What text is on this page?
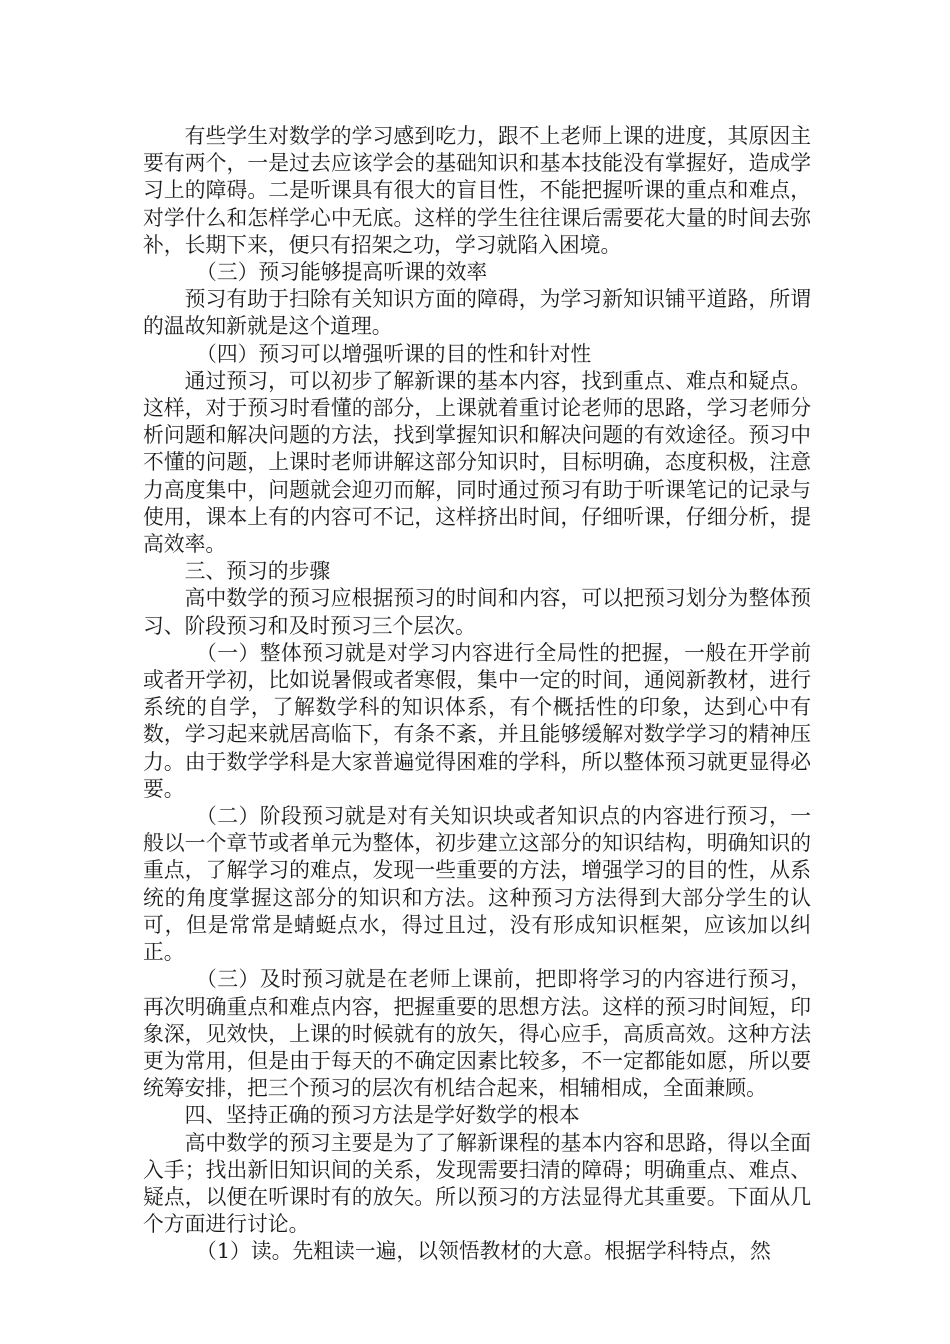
有些学生对数学的学习感到吃力，跟不上老师上课的进度，其原因主要有两个，一是过去应该学会的基础知识和基本技能没有掌握好，造成学习上的障碍。二是听课具有很大的盲目性，不能把握听课的重点和难点，对学什么和怎样学心中无底。这样的学生往往课后需要花大量的时间去弥补，长期下来，便只有招架之功，学习就陷入困境。

（三）预习能够提高听课的效率

预习有助于扫除有关知识方面的障碍，为学习新知识铺平道路，所谓的温故知新就是这个道理。

（四）预习可以增强听课的目的性和针对性

通过预习，可以初步了解新课的基本内容，找到重点、难点和疑点。这样，对于预习时看懂的部分，上课就着重讨论老师的思路，学习老师分析问题和解决问题的方法，找到掌握知识和解决问题的有效途径。预习中不懂的问题，上课时老师讲解这部分知识时，目标明确，态度积极，注意力高度集中，问题就会迎刃而解，同时通过预习有助于听课笔记的记录与使用，课本上有的内容可不记，这样挤出时间，仔细听课，仔细分析，提高效率。

三、预习的步骤

高中数学的预习应根据预习的时间和内容，可以把预习划分为整体预习、阶段预习和及时预习三个层次。

（一）整体预习就是对学习内容进行全局性的把握，一般在开学前或者开学初，比如说暑假或者寒假，集中一定的时间，通阅新教材，进行系统的自学，了解数学科的知识体系，有个概括性的印象，达到心中有数，学习起来就居高临下，有条不紊，并且能够缓解对数学学习的精神压力。由于数学学科是大家普遍觉得困难的学科，所以整体预习就更显得必要。

（二）阶段预习就是对有关知识块或者知识点的内容进行预习，一般以一个章节或者单元为整体，初步建立这部分的知识结构，明确知识的重点，了解学习的难点，发现一些重要的方法，增强学习的目的性，从系统的角度掌握这部分的知识和方法。这种预习方法得到大部分学生的认可，但是常常是蜻蜓点水，得过且过，没有形成知识框架，应该加以纠正。

（三）及时预习就是在老师上课前，把即将学习的内容进行预习，再次明确重点和难点内容，把握重要的思想方法。这样的预习时间短，印象深，见效快，上课的时候就有的放矢，得心应手，高质高效。这种方法更为常用，但是由于每天的不确定因素比较多，不一定都能如愿，所以要统筹安排，把三个预习的层次有机结合起来，相辅相成，全面兼顾。

四、坚持正确的预习方法是学好数学的根本

高中数学的预习主要是为了了解新课程的基本内容和思路，得以全面入手；找出新旧知识间的关系，发现需要扫清的障碍；明确重点、难点、疑点，以便在听课时有的放矢。所以预习的方法显得尤其重要。下面从几个方面进行讨论。

（1）读。先粗读一遍，以领悟教材的大意。根据学科特点，然
